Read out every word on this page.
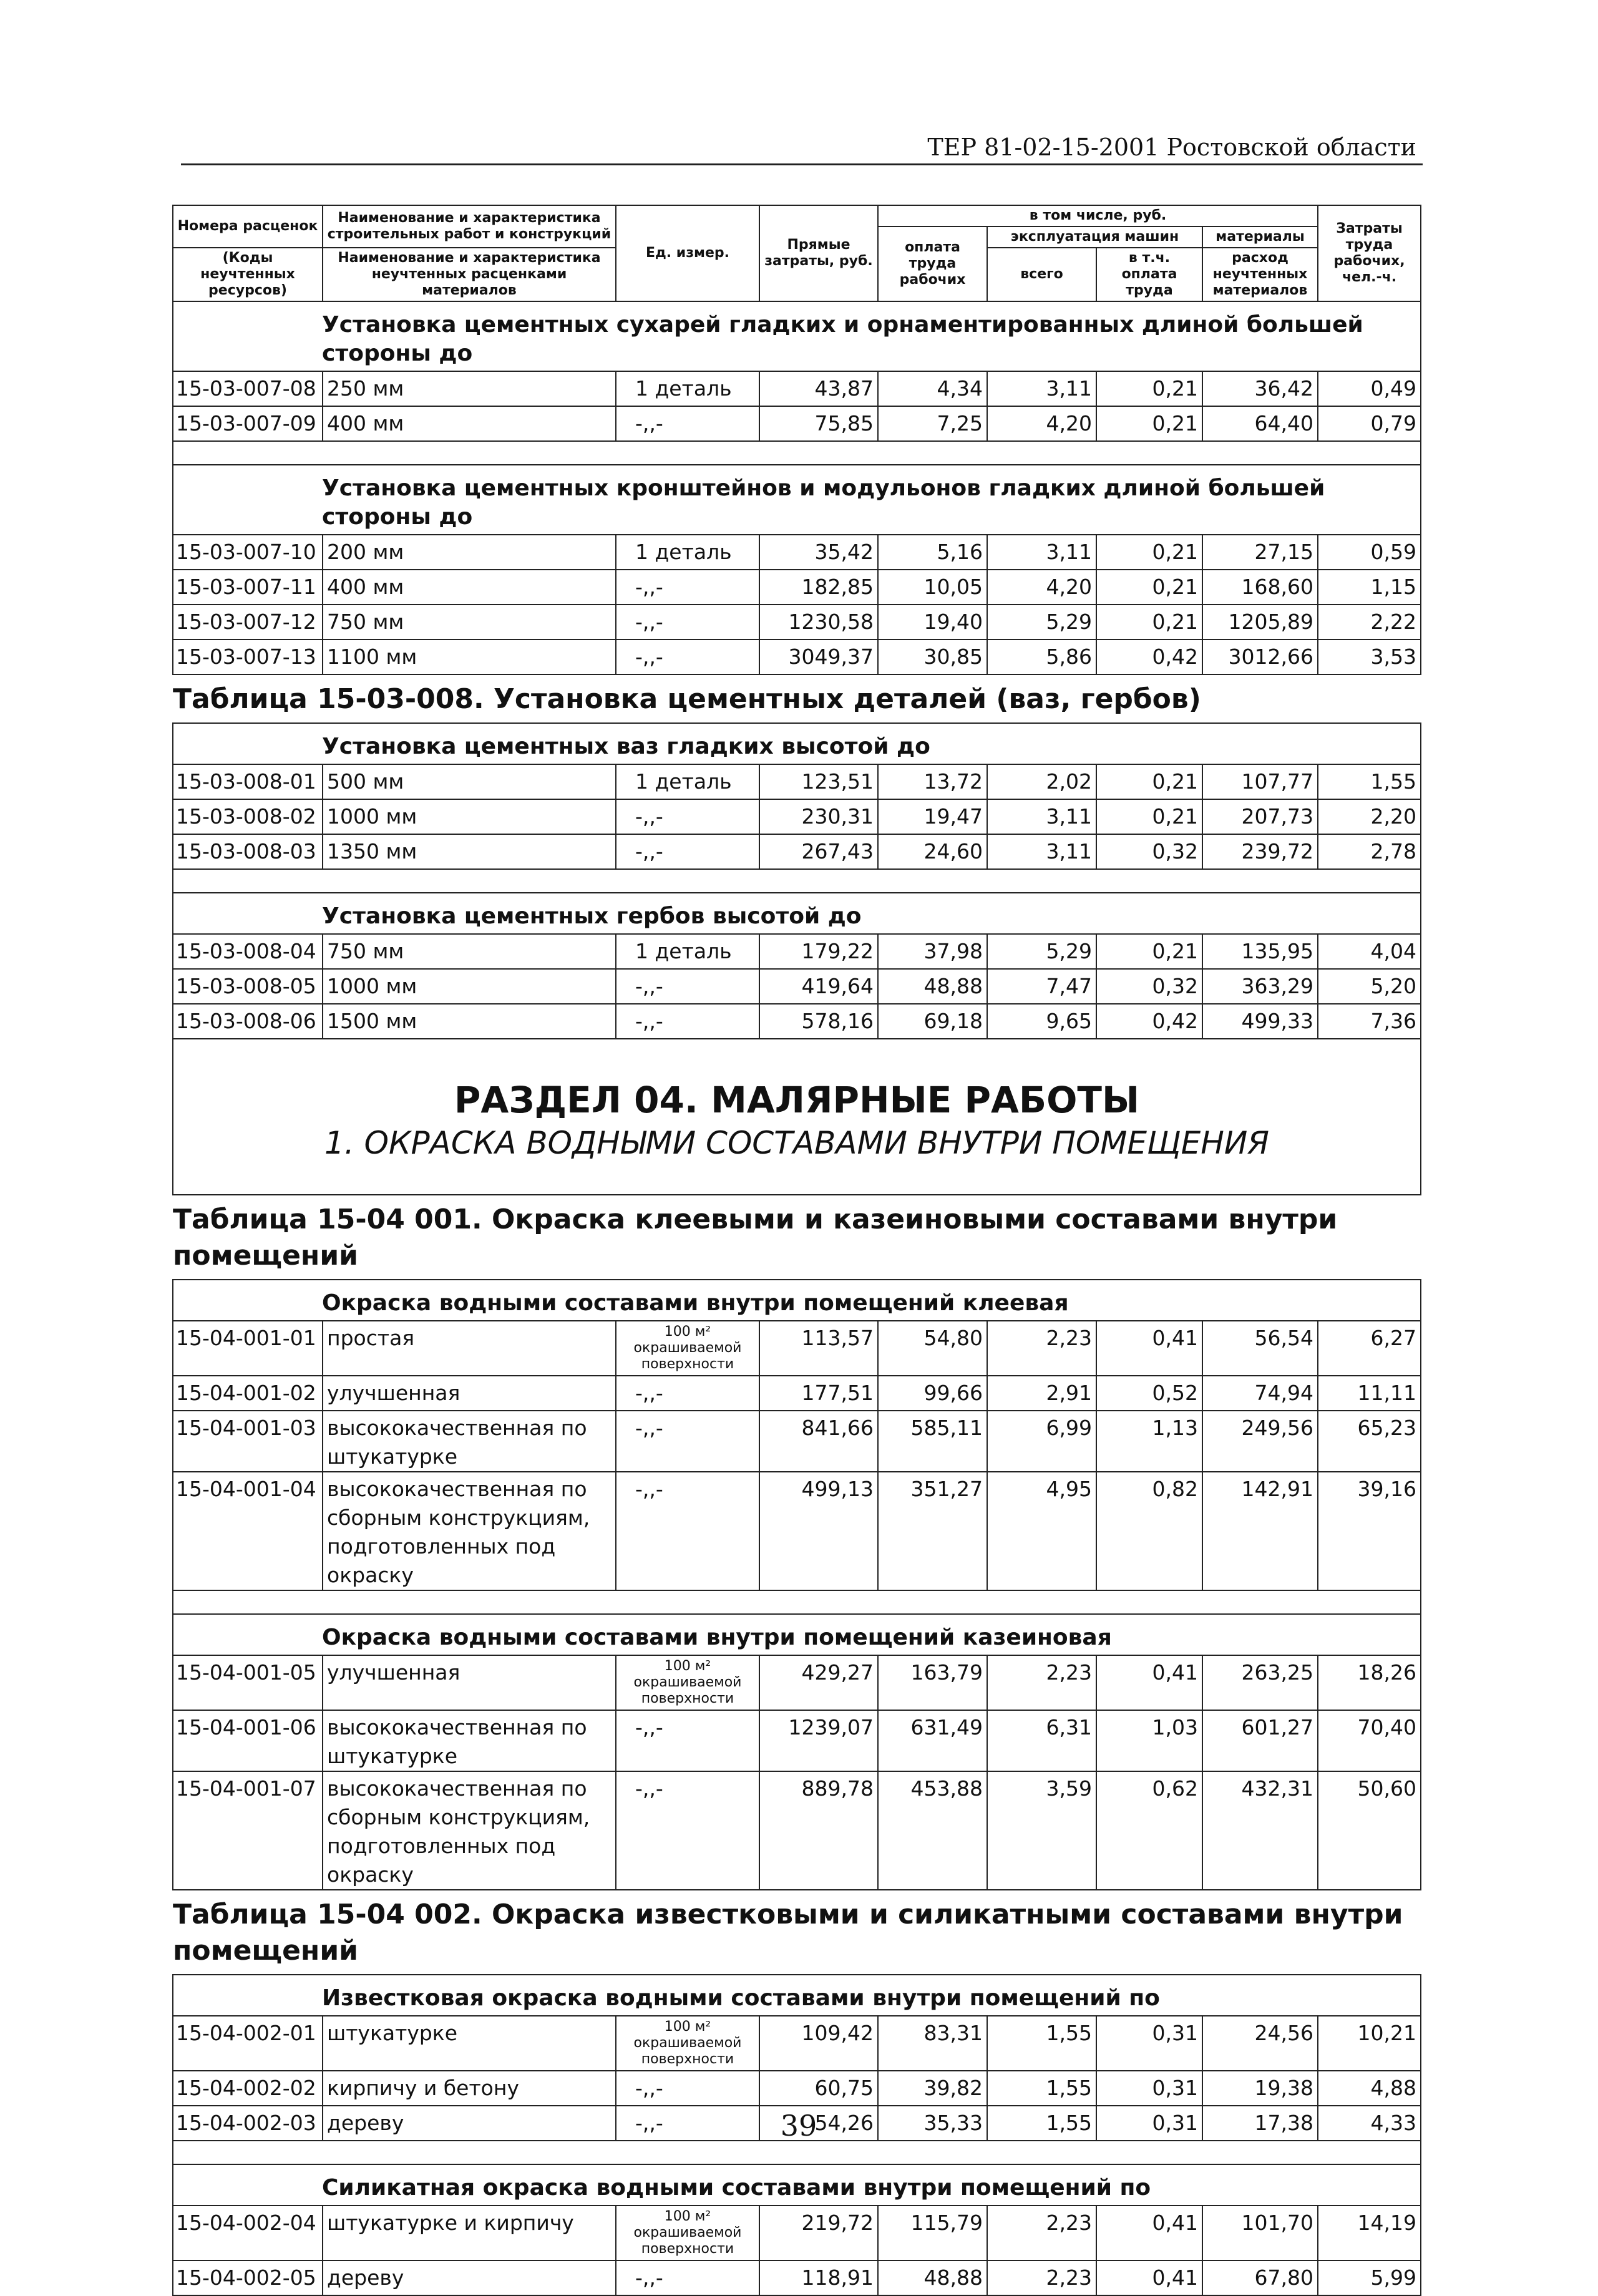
ТЕР 81-02-15-2001 Ростовской области
Номера расценок	Наименование и характеристика строительных работ и конструкций	Ед. измер.	Прямые затраты, руб.	в том числе, руб.				Затраты труда рабочих, чел.-ч.
				оплата труда рабочих	эксплуатация машин		материалы	
(Коды неучтенных ресурсов)	Наименование и характеристика неучтенных расценками материалов				всего	в т.ч. оплата труда	расход неучтенных материалов	

Установка цементных сухарей гладких и орнаментированных длиной большей стороны до								
15-03-007-08	250 мм	1 деталь	43,87	4,34	3,11	0,21	36,42	0,49
15-03-007-09	400 мм	-,,-	75,85	7,25	4,20	0,21	64,40	0,79

Установка цементных кронштейнов и модульонов гладких длиной большей стороны до								
15-03-007-10	200 мм	1 деталь	35,42	5,16	3,11	0,21	27,15	0,59
15-03-007-11	400 мм	-,,-	182,85	10,05	4,20	0,21	168,60	1,15
15-03-007-12	750 мм	-,,-	1230,58	19,40	5,29	0,21	1205,89	2,22
15-03-007-13	1100 мм	-,,-	3049,37	30,85	5,86	0,42	3012,66	3,53
Таблица 15-03-008. Установка цементных деталей (ваз, гербов)								
Установка цементных ваз гладких высотой до								
15-03-008-01	500 мм	1 деталь	123,51	13,72	2,02	0,21	107,77	1,55
15-03-008-02	1000 мм	-,,-	230,31	19,47	3,11	0,21	207,73	2,20
15-03-008-03	1350 мм	-,,-	267,43	24,60	3,11	0,32	239,72	2,78

Установка цементных гербов высотой до								
15-03-008-04	750 мм	1 деталь	179,22	37,98	5,29	0,21	135,95	4,04
15-03-008-05	1000 мм	-,,-	419,64	48,88	7,47	0,32	363,29	5,20
15-03-008-06	1500 мм	-,,-	578,16	69,18	9,65	0,42	499,33	7,36

РАЗДЕЛ 04. МАЛЯРНЫЕ РАБОТЫ
1. ОКРАСКА ВОДНЫМИ СОСТАВАМИ ВНУТРИ ПОМЕЩЕНИЯ								

Таблица 15-04 001. Окраска клеевыми и казеиновыми составами внутри помещений								
Окраска водными составами внутри помещений клеевая								
15-04-001-01	простая	100 м² окрашиваемой поверхности	113,57	54,80	2,23	0,41	56,54	6,27
15-04-001-02	улучшенная	-,,-	177,51	99,66	2,91	0,52	74,94	11,11
15-04-001-03	высококачественная по штукатурке	-,,-	841,66	585,11	6,99	1,13	249,56	65,23
15-04-001-04	высококачественная по сборным конструкциям, подготовленных под окраску	-,,-	499,13	351,27	4,95	0,82	142,91	39,16

Окраска водными составами внутри помещений казеиновая								
15-04-001-05	улучшенная	100 м² окрашиваемой поверхности	429,27	163,79	2,23	0,41	263,25	18,26
15-04-001-06	высококачественная по штукатурке	-,,-	1239,07	631,49	6,31	1,03	601,27	70,40
15-04-001-07	высококачественная по сборным конструкциям, подготовленных под окраску	-,,-	889,78	453,88	3,59	0,62	432,31	50,60
Таблица 15-04 002. Окраска известковыми и силикатными составами внутри помещений								
Известковая окраска водными составами внутри помещений по								
15-04-002-01	штукатурке	100 м² окрашиваемой поверхности	109,42	83,31	1,55	0,31	24,56	10,21
15-04-002-02	кирпичу и бетону	-,,-	60,75	39,82	1,55	0,31	19,38	4,88
15-04-002-03	дереву	-,,-	54,26	35,33	1,55	0,31	17,38	4,33

Силикатная окраска водными составами внутри помещений по								
15-04-002-04	штукатурке и кирпичу	100 м² окрашиваемой поверхности	219,72	115,79	2,23	0,41	101,70	14,19
15-04-002-05	дереву	-,,-	118,91	48,88	2,23	0,41	67,80	5,99
39
